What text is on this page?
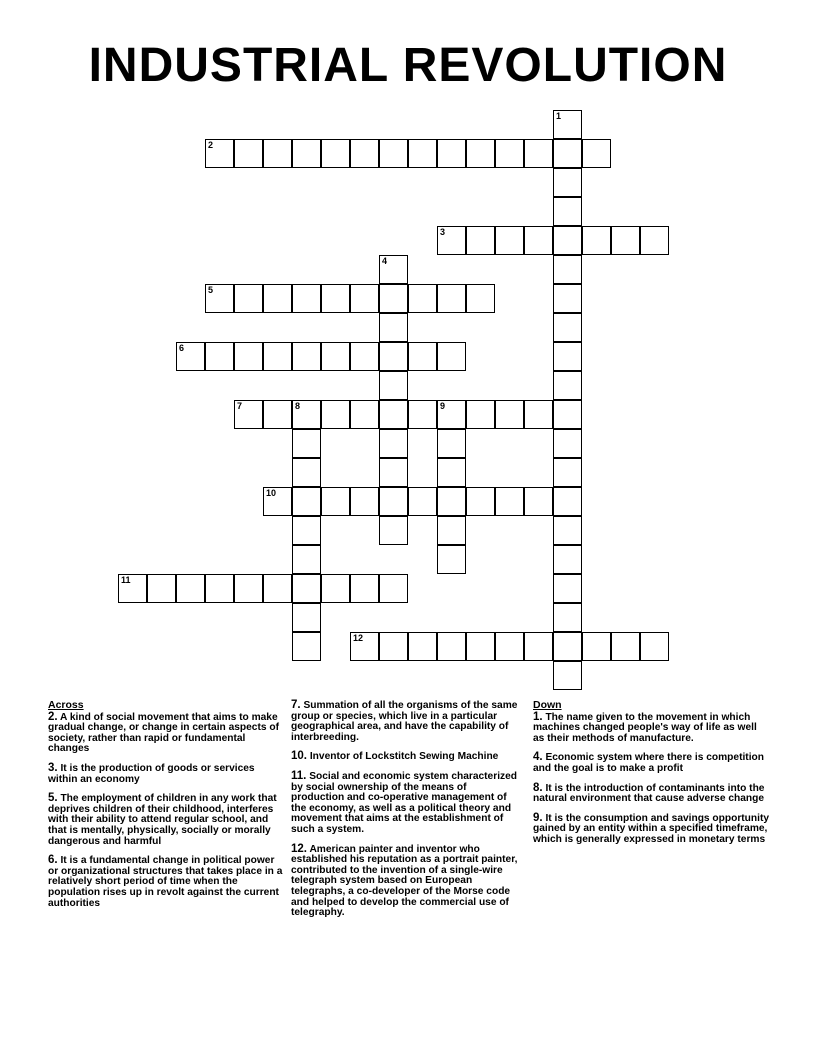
INDUSTRIAL REVOLUTION
1
2
3
4
5
6
7	8	9
10
11
12
Across
2. A kind of social movement that aims to make gradual change, or change in certain aspects of society, rather than rapid or fundamental changes
3. It is the production of goods or services within an economy
5. The employment of children in any work that deprives children of their childhood, interferes with their ability to attend regular school, and that is mentally, physically, socially or morally dangerous and harmful
6. It is a fundamental change in political power or organizational structures that takes place in a relatively short period of time when the population rises up in revolt against the current authorities
7. Summation of all the organisms of the same group or species, which live in a particular geographical area, and have the capability of interbreeding.
10. Inventor of Lockstitch Sewing Machine
11. Social and economic system characterized by social ownership of the means of production and co-operative management of the economy, as well as a political theory and movement that aims at the establishment of such a system.
12. American painter and inventor who established his reputation as a portrait painter, contributed to the invention of a single-wire telegraph system based on European telegraphs, a co-developer of the Morse code and helped to develop the commercial use of telegraphy.
Down
1. The name given to the movement in which machines changed people's way of life as well as their methods of manufacture.
4. Economic system where there is competition and the goal is to make a profit
8. It is the introduction of contaminants into the natural environment that cause adverse change
9. It is the consumption and savings opportunity gained by an entity within a specified timeframe, which is generally expressed in monetary terms
